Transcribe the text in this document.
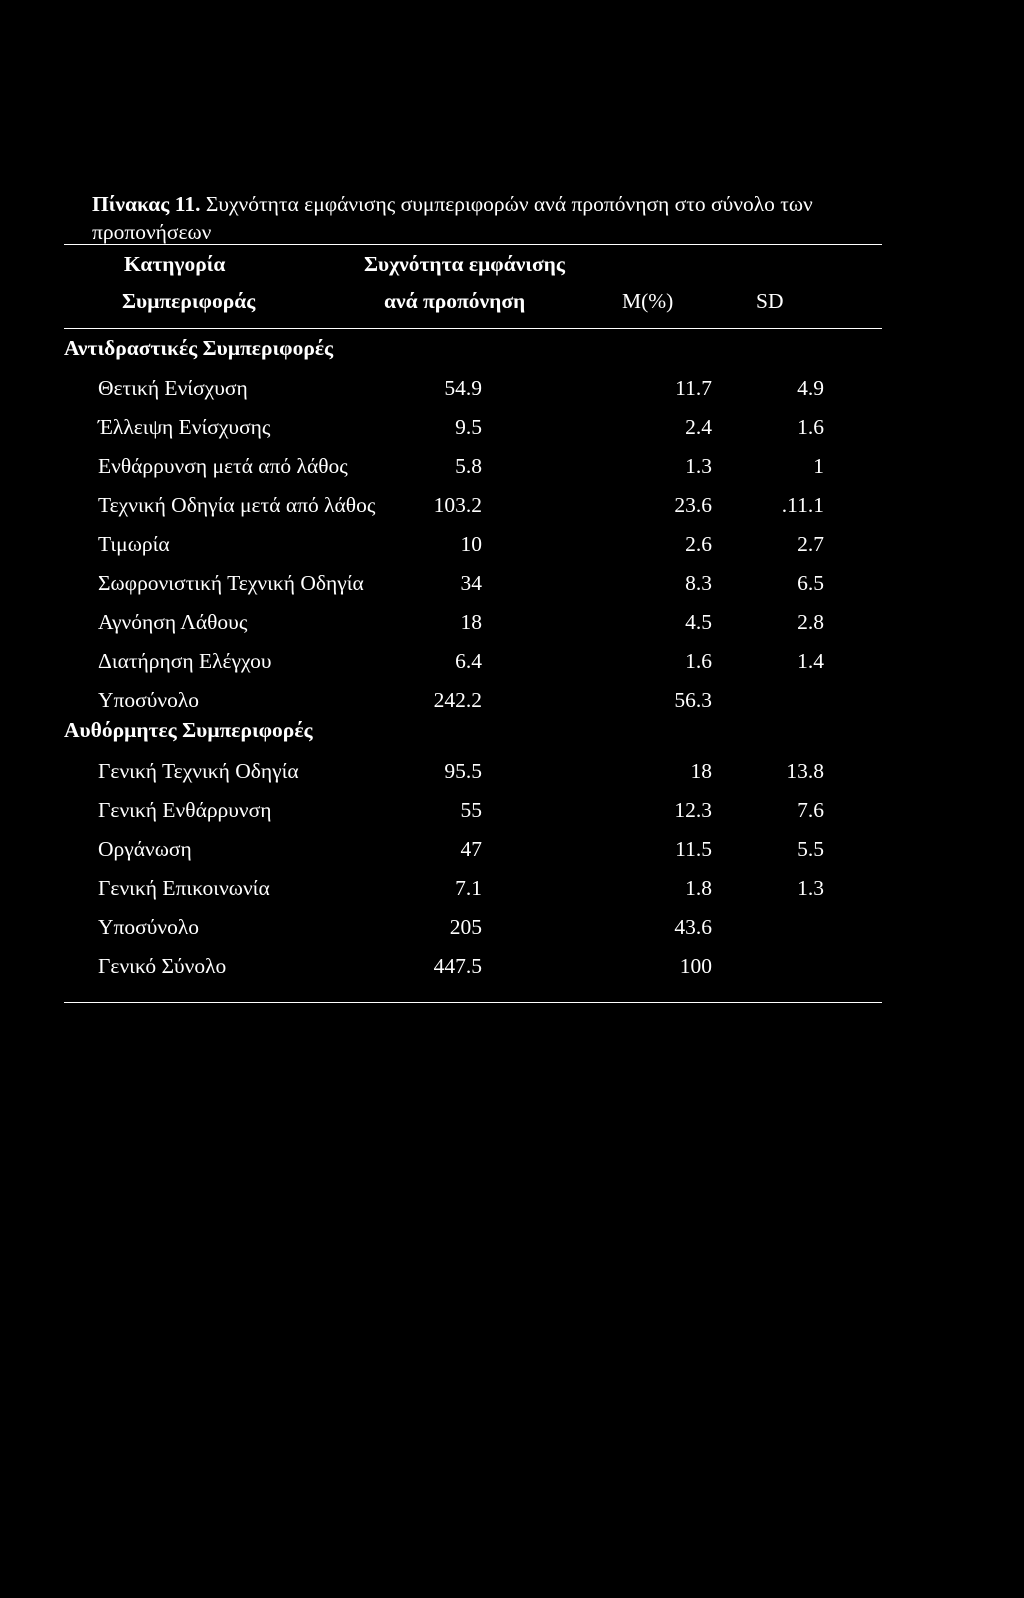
Πίνακας 11. Συχνότητα εμφάνισης συμπεριφορών ανά προπόνηση στο σύνολο των προπονήσεων
Κατηγορία	Συχνότητα εμφάνισης
Συμπεριφοράς	ανά προπόνηση	M(%)	SD
Αντιδραστικές Συμπεριφορές
Θετική Ενίσχυση	54.9	11.7	4.9
Έλλειψη Ενίσχυσης	9.5	2.4	1.6
Ενθάρρυνση μετά από λάθος	5.8	1.3	1
Τεχνική Οδηγία μετά από λάθος	103.2	23.6	.11.1
Τιμωρία	10	2.6	2.7
Σωφρονιστική Τεχνική Οδηγία	34	8.3	6.5
Αγνόηση Λάθους	18	4.5	2.8
Διατήρηση Ελέγχου	6.4	1.6	1.4
Υποσύνολο	242.2	56.3
Αυθόρμητες Συμπεριφορές
Γενική Τεχνική Οδηγία	95.5	18	13.8
Γενική Ενθάρρυνση	55	12.3	7.6
Οργάνωση	47	11.5	5.5
Γενική Επικοινωνία	7.1	1.8	1.3
Υποσύνολο	205	43.6
Γενικό Σύνολο	447.5	100
